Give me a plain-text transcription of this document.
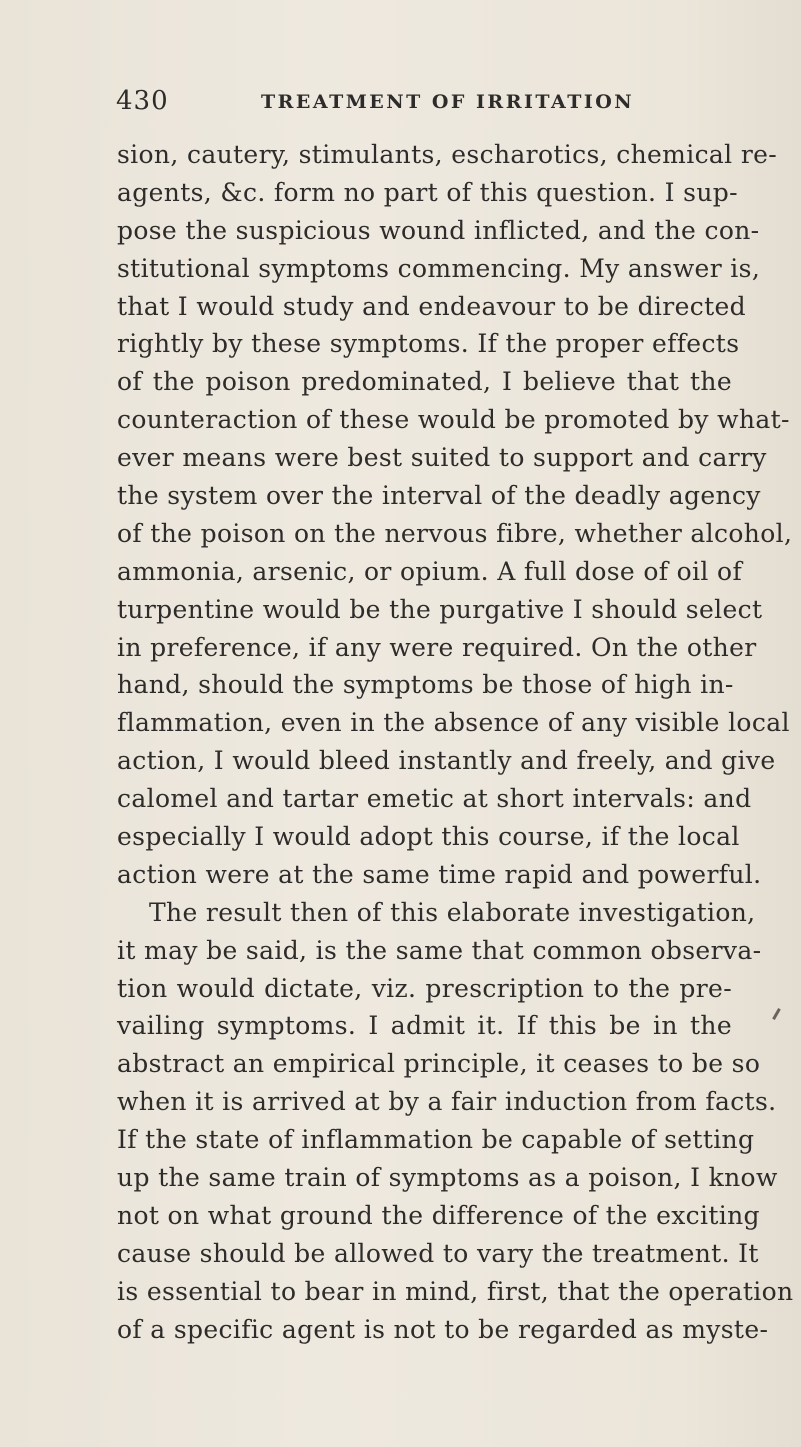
430	TREATMENT OF IRRITATION
sion, cautery, stimulants, escharotics, chemical re-
agents, &c. form no part of this question. I sup-
pose the suspicious wound inflicted, and the con-
stitutional symptoms commencing. My answer is,
that I would study and endeavour to be directed
rightly by these symptoms. If the proper effects
of the poison predominated, I believe that the
counteraction of these would be promoted by what-
ever means were best suited to support and carry
the system over the interval of the deadly agency
of the poison on the nervous fibre, whether alcohol,
ammonia, arsenic, or opium. A full dose of oil of
turpentine would be the purgative I should select
in preference, if any were required. On the other
hand, should the symptoms be those of high in-
flammation, even in the absence of any visible local
action, I would bleed instantly and freely, and give
calomel and tartar emetic at short intervals: and
especially I would adopt this course, if the local
action were at the same time rapid and powerful.
The result then of this elaborate investigation,
it may be said, is the same that common observa-
tion would dictate, viz. prescription to the pre-
vailing symptoms. I admit it. If this be in the
abstract an empirical principle, it ceases to be so
when it is arrived at by a fair induction from facts.
If the state of inflammation be capable of setting
up the same train of symptoms as a poison, I know
not on what ground the difference of the exciting
cause should be allowed to vary the treatment. It
is essential to bear in mind, first, that the operation
of a specific agent is not to be regarded as myste-
